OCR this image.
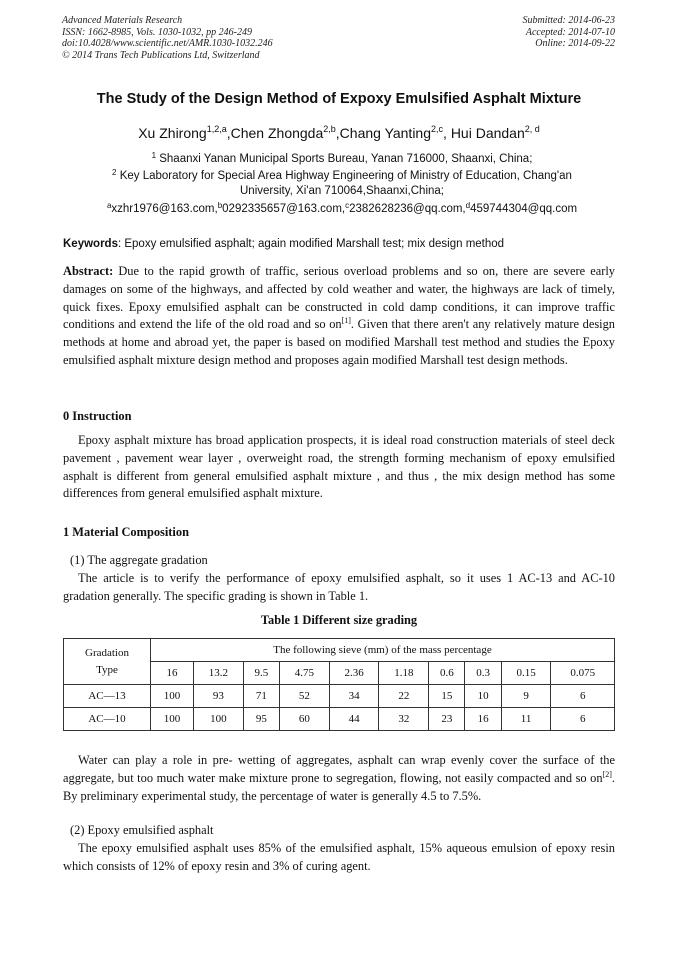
Advanced Materials Research
ISSN: 1662-8985, Vols. 1030-1032, pp 246-249
doi:10.4028/www.scientific.net/AMR.1030-1032.246
© 2014 Trans Tech Publications Ltd, Switzerland
Submitted: 2014-06-23
Accepted: 2014-07-10
Online: 2014-09-22
The Study of the Design Method of Expoxy Emulsified Asphalt Mixture
Xu Zhirong$^{1,2,a}$,Chen Zhongda$^{2,b}$,Chang Yanting$^{2,c}$, Hui Dandan$^{2, d}$
$^1$ Shaanxi Yanan Municipal Sports Bureau, Yanan 716000, Shaanxi, China;
$^2$ Key Laboratory for Special Area Highway Engineering of Ministry of Education, Chang'an University, Xi'an 710064,Shaanxi,China;
$^a$xzhr1976@163.com,$^b$0292335657@163.com,$^c$2382628236@qq.com,$^d$459744304@qq.com
Keywords: Epoxy emulsified asphalt; again modified Marshall test; mix design method
Abstract: Due to the rapid growth of traffic, serious overload problems and so on, there are severe early damages on some of the highways, and affected by cold weather and water, the highways are lack of timely, quick fixes. Epoxy emulsified asphalt can be constructed in cold damp conditions, it can improve traffic conditions and extend the life of the old road and so on[1]. Given that there aren't any relatively mature design methods at home and abroad yet, the paper is based on modified Marshall test method and studies the Epoxy emulsified asphalt mixture design method and proposes again modified Marshall test design methods.
0 Instruction
Epoxy asphalt mixture has broad application prospects, it is ideal road construction materials of steel deck pavement , pavement wear layer , overweight road, the strength forming mechanism of epoxy emulsified asphalt is different from general emulsified asphalt mixture , and thus , the mix design method has some differences from general emulsified asphalt mixture.
1 Material Composition
(1) The aggregate gradation
The article is to verify the performance of epoxy emulsified asphalt, so it uses 1 AC-13 and AC-10 gradation generally. The specific grading is shown in Table 1.
Table 1 Different size grading
Gradation
Type	The following sieve (mm) of the mass percentage									
	16	13.2	9.5	4.75	2.36	1.18	0.6	0.3	0.15	0.075
AC—13	100	93	71	52	34	22	15	10	9	6
AC—10	100	100	95	60	44	32	23	16	11	6
Water can play a role in pre- wetting of aggregates, asphalt can wrap evenly cover the surface of the aggregate, but too much water make mixture prone to segregation, flowing, not easily compacted and so on[2]. By preliminary experimental study, the percentage of water is generally 4.5 to 7.5%.
(2) Epoxy emulsified asphalt
The epoxy emulsified asphalt uses 85% of the emulsified asphalt, 15% aqueous emulsion of epoxy resin which consists of 12% of epoxy resin and 3% of curing agent.
